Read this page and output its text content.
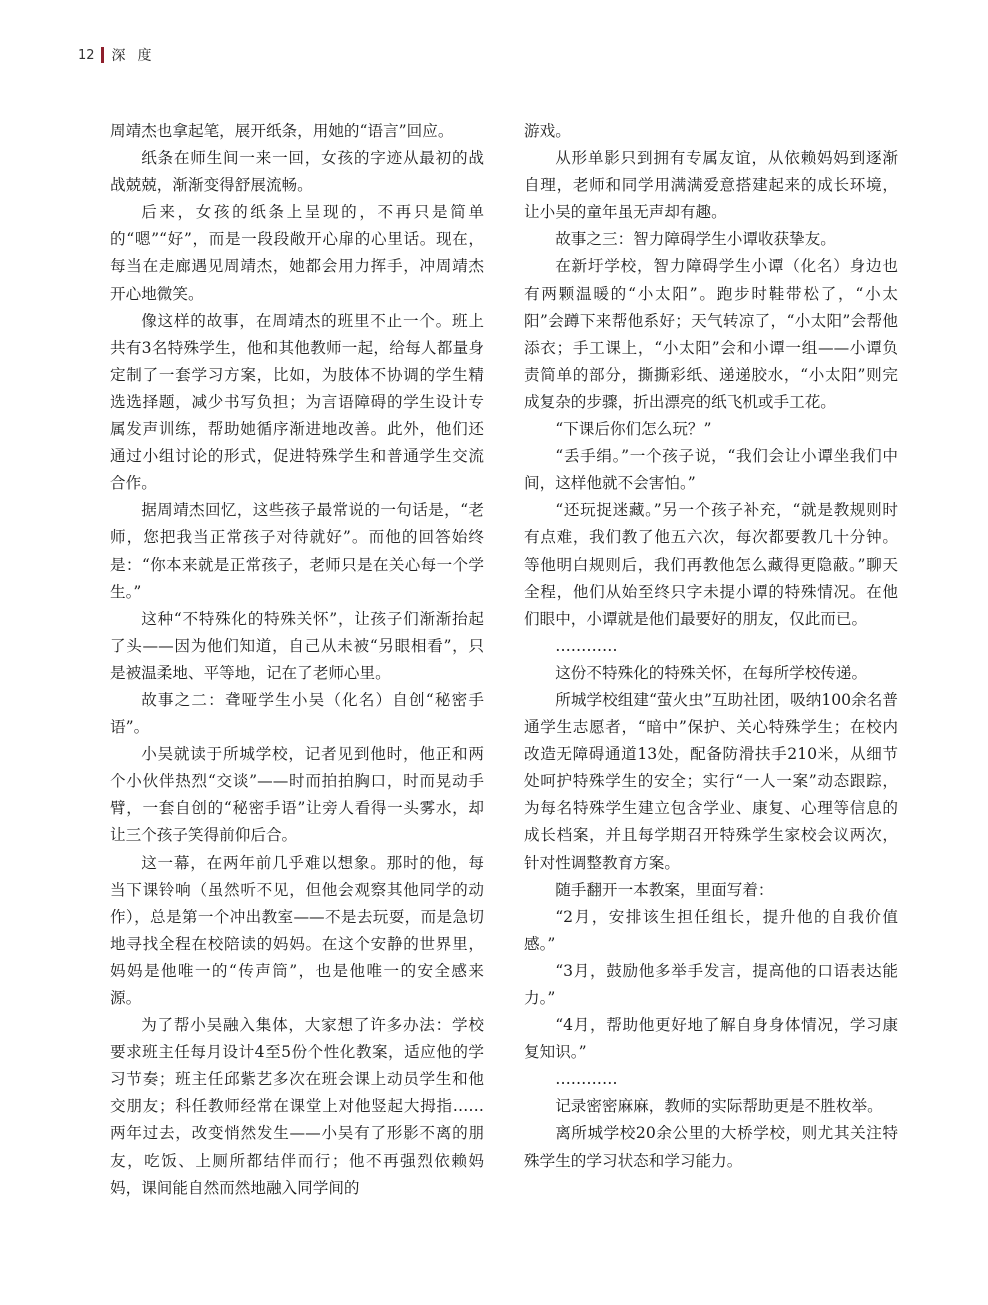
12 深度

周靖杰也拿起笔，展开纸条，用她的“语言”回应。

纸条在师生间一来一回，女孩的字迹从最初的战战兢兢，渐渐变得舒展流畅。

后来，女孩的纸条上呈现的，不再只是简单的“嗯”“好”，而是一段段敞开心扉的心里话。现在，每当在走廊遇见周靖杰，她都会用力挥手，冲周靖杰开心地微笑。

像这样的故事，在周靖杰的班里不止一个。班上共有3名特殊学生，他和其他教师一起，给每人都量身定制了一套学习方案，比如，为肢体不协调的学生精选选择题，减少书写负担；为言语障碍的学生设计专属发声训练，帮助她循序渐进地改善。此外，他们还通过小组讨论的形式，促进特殊学生和普通学生交流合作。

据周靖杰回忆，这些孩子最常说的一句话是，“老师，您把我当正常孩子对待就好”。而他的回答始终是：“你本来就是正常孩子，老师只是在关心每一个学生。”

这种“不特殊化的特殊关怀”，让孩子们渐渐抬起了头——因为他们知道，自己从未被“另眼相看”，只是被温柔地、平等地，记在了老师心里。

故事之二：聋哑学生小吴（化名）自创“秘密手语”。

小吴就读于所城学校，记者见到他时，他正和两个小伙伴热烈“交谈”——时而拍拍胸口，时而晃动手臂，一套自创的“秘密手语”让旁人看得一头雾水，却让三个孩子笑得前仰后合。

这一幕，在两年前几乎难以想象。那时的他，每当下课铃响（虽然听不见，但他会观察其他同学的动作），总是第一个冲出教室——不是去玩耍，而是急切地寻找全程在校陪读的妈妈。在这个安静的世界里，妈妈是他唯一的“传声筒”，也是他唯一的安全感来源。

为了帮小吴融入集体，大家想了许多办法：学校要求班主任每月设计4至5份个性化教案，适应他的学习节奏；班主任邱紫艺多次在班会课上动员学生和他交朋友；科任教师经常在课堂上对他竖起大拇指……两年过去，改变悄然发生——小吴有了形影不离的朋友，吃饭、上厕所都结伴而行；他不再强烈依赖妈妈，课间能自然而然地融入同学间的

游戏。

从形单影只到拥有专属友谊，从依赖妈妈到逐渐自理，老师和同学用满满爱意搭建起来的成长环境，让小吴的童年虽无声却有趣。

故事之三：智力障碍学生小谭收获挚友。

在新圩学校，智力障碍学生小谭（化名）身边也有两颗温暖的“小太阳”。跑步时鞋带松了，“小太阳”会蹲下来帮他系好；天气转凉了，“小太阳”会帮他添衣；手工课上，“小太阳”会和小谭一组——小谭负责简单的部分，撕撕彩纸、递递胶水，“小太阳”则完成复杂的步骤，折出漂亮的纸飞机或手工花。

“下课后你们怎么玩？”

“丢手绢。”一个孩子说，“我们会让小谭坐我们中间，这样他就不会害怕。”

“还玩捉迷藏。”另一个孩子补充，“就是教规则时有点难，我们教了他五六次，每次都要教几十分钟。等他明白规则后，我们再教他怎么藏得更隐蔽。”聊天全程，他们从始至终只字未提小谭的特殊情况。在他们眼中，小谭就是他们最要好的朋友，仅此而已。

…………

这份不特殊化的特殊关怀，在每所学校传递。

所城学校组建“萤火虫”互助社团，吸纳100余名普通学生志愿者，“暗中”保护、关心特殊学生；在校内改造无障碍通道13处，配备防滑扶手210米，从细节处呵护特殊学生的安全；实行“一人一案”动态跟踪，为每名特殊学生建立包含学业、康复、心理等信息的成长档案，并且每学期召开特殊学生家校会议两次，针对性调整教育方案。

随手翻开一本教案，里面写着：

“2月，安排该生担任组长，提升他的自我价值感。”

“3月，鼓励他多举手发言，提高他的口语表达能力。”

“4月，帮助他更好地了解自身身体情况，学习康复知识。”

…………

记录密密麻麻，教师的实际帮助更是不胜枚举。

离所城学校20余公里的大桥学校，则尤其关注特殊学生的学习状态和学习能力。
